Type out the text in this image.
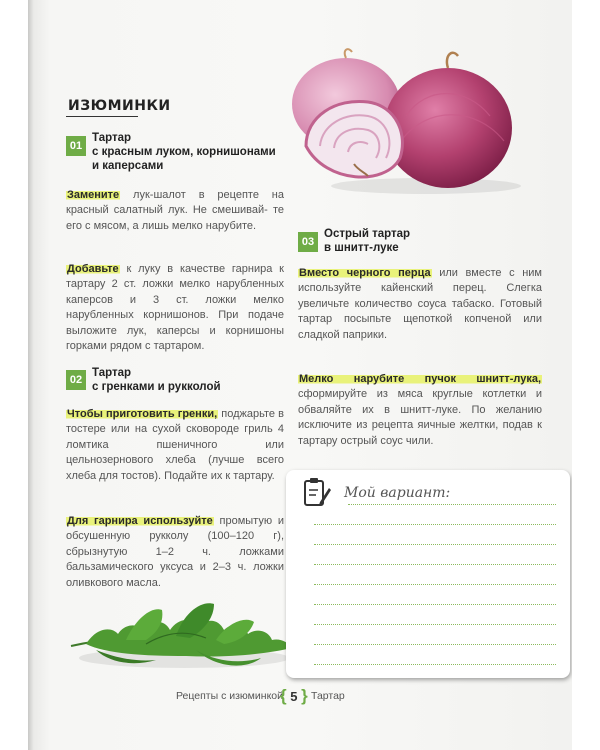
ИЗЮМИНКИ
01
Тартар
с красным луком, корнишонами
и каперсами
Замените лук-шалот в рецепте на красный салатный лук. Не смешивай- те его с мясом, а лишь мелко нарубите.
Добавьте к луку в качестве гарнира к тартару 2 ст. ложки мелко нарубленных каперсов и 3 ст. ложки мелко нарубленных корнишонов. При подаче выложите лук, каперсы и корнишоны горками рядом с тартаром.
02
Тартар
с гренками и рукколой
Чтобы приготовить гренки, поджарьте в тостере или на сухой сковороде гриль 4 ломтика пшеничного или цельнозернового хлеба (лучше всего хлеба для тостов). Подайте их к тартару.
Для гарнира используйте промытую и обсушенную рукколу (100–120 г), сбрызнутую 1–2 ч. ложками бальзамического уксуса и 2–3 ч. ложки оливкового масла.
03
Острый тартар
в шнитт-луке
Вместо черного перца или вместе с ним используйте кайенский перец. Слегка увеличьте количество соуса табаско. Готовый тартар посыпьте щепоткой копченой или сладкой паприки.
Мелко нарубите пучок шнитт-лука, сформируйте из мяса круглые котлетки и обваляйте их в шнитт-луке. По желанию исключите из рецепта яичные желтки, подав к тартару острый соус чили.
Мой вариант:
Рецепты с изюминкой
{ 5 } Тартар
